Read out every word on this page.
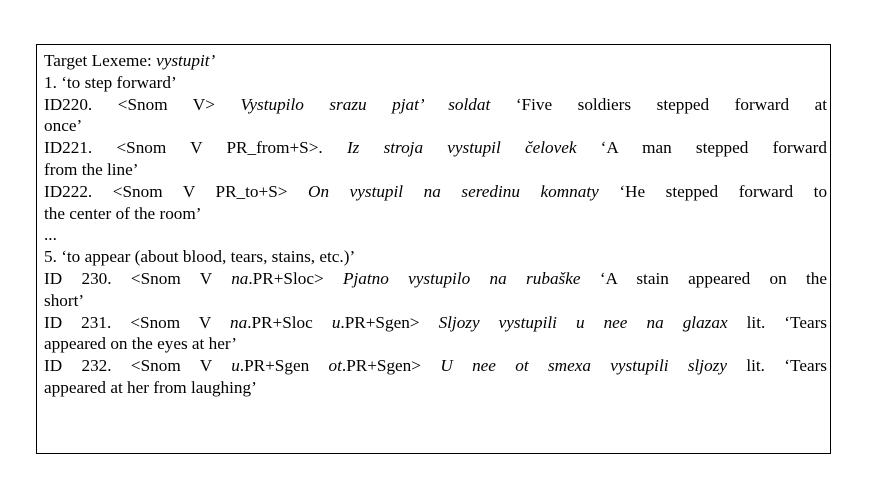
Target Lexeme: vystupit’
1. ‘to step forward’
ID220. <Snom V> Vystupilo srazu pjat’ soldat ‘Five soldiers stepped forward at
once’
ID221. <Snom V PR_from+S>. Iz stroja vystupil čelovek ‘A man stepped forward
from the line’
ID222. <Snom V PR_to+S> On vystupil na seredinu komnaty ‘He stepped forward to
the center of the room’
...
5. ‘to appear (about blood, tears, stains, etc.)’
ID 230. <Snom V na.PR+Sloc> Pjatno vystupilo na rubaške ‘A stain appeared on the
short’
ID 231. <Snom V na.PR+Sloc u.PR+Sgen> Sljozy vystupili u nee na glazax lit. ‘Tears
appeared on the eyes at her’
ID 232. <Snom V u.PR+Sgen ot.PR+Sgen> U nee ot smexa vystupili sljozy lit. ‘Tears
appeared at her from laughing’
